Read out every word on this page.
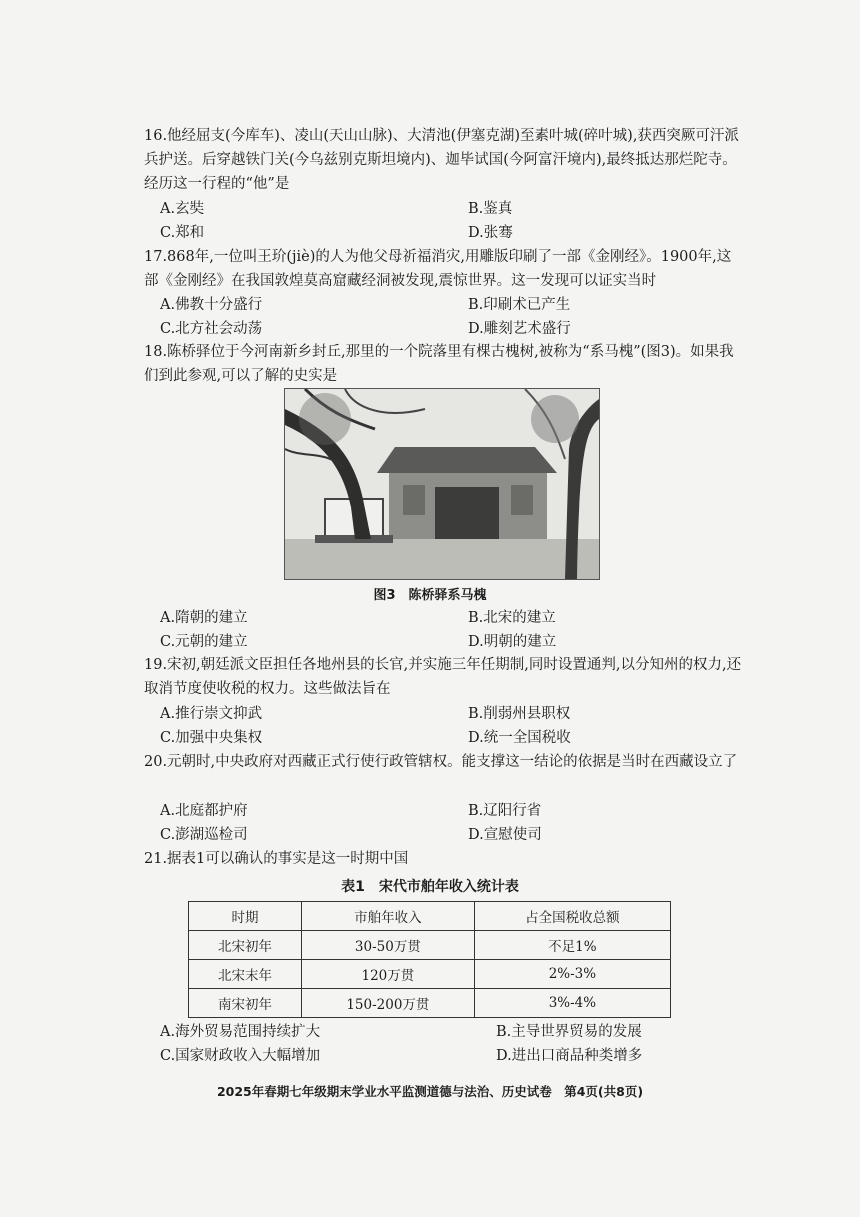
16.他经屈支(今库车)、凌山(天山山脉)、大清池(伊塞克湖)至素叶城(碎叶城),获西突厥可汗派兵护送。后穿越铁门关(今乌兹别克斯坦境内)、迦毕试国(今阿富汗境内),最终抵达那烂陀寺。经历这一行程的“他”是
A.玄奘	B.鉴真
C.郑和	D.张骞
17.868年,一位叫王玠(jiè)的人为他父母祈福消灾,用雕版印刷了一部《金刚经》。1900年,这部《金刚经》在我国敦煌莫高窟藏经洞被发现,震惊世界。这一发现可以证实当时
A.佛教十分盛行	B.印刷术已产生
C.北方社会动荡	D.雕刻艺术盛行
18.陈桥驿位于今河南新乡封丘,那里的一个院落里有棵古槐树,被称为“系马槐”(图3)。如果我们到此参观,可以了解的史实是
图3　陈桥驿系马槐
A.隋朝的建立	B.北宋的建立
C.元朝的建立	D.明朝的建立
19.宋初,朝廷派文臣担任各地州县的长官,并实施三年任期制,同时设置通判,以分知州的权力,还取消节度使收税的权力。这些做法旨在
A.推行崇文抑武	B.削弱州县职权
C.加强中央集权	D.统一全国税收
20.元朝时,中央政府对西藏正式行使行政管辖权。能支撑这一结论的依据是当时在西藏设立了
A.北庭都护府	B.辽阳行省
C.澎湖巡检司	D.宣慰使司
21.据表1可以确认的事实是这一时期中国
表1　宋代市舶年收入统计表
时期	市舶年收入	占全国税收总额
北宋初年	30-50万贯	不足1%
北宋末年	120万贯	2%-3%
南宋初年	150-200万贯	3%-4%
A.海外贸易范围持续扩大	B.主导世界贸易的发展
C.国家财政收入大幅增加	D.进出口商品种类增多
2025年春期七年级期末学业水平监测道德与法治、历史试卷　第4页(共8页)
